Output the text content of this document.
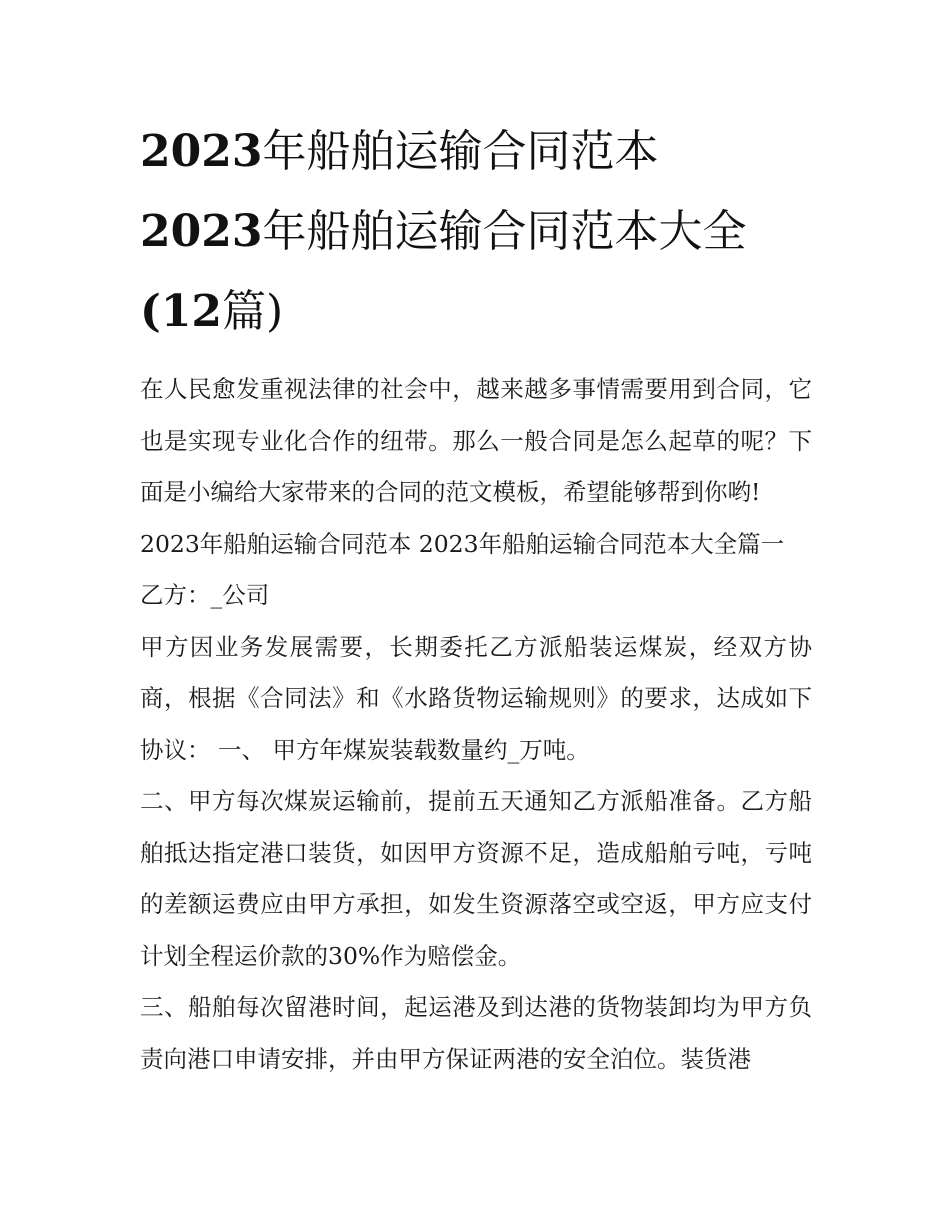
2023年船舶运输合同范本
2023年船舶运输合同范本大全
(12篇)

在人民愈发重视法律的社会中，越来越多事情需要用到合同，它也是实现专业化合作的纽带。那么一般合同是怎么起草的呢？下面是小编给大家带来的合同的范文模板，希望能够帮到你哟!

2023年船舶运输合同范本 2023年船舶运输合同范本大全篇一

乙方：_公司

甲方因业务发展需要，长期委托乙方派船装运煤炭，经双方协商，根据《合同法》和《水路货物运输规则》的要求，达成如下协议： 一、 甲方年煤炭装载数量约_万吨。

二、甲方每次煤炭运输前，提前五天通知乙方派船准备。乙方船舶抵达指定港口装货，如因甲方资源不足，造成船舶亏吨，亏吨的差额运费应由甲方承担，如发生资源落空或空返，甲方应支付计划全程运价款的30%作为赔偿金。

三、船舶每次留港时间，起运港及到达港的货物装卸均为甲方负责向港口申请安排，并由甲方保证两港的安全泊位。装货港
